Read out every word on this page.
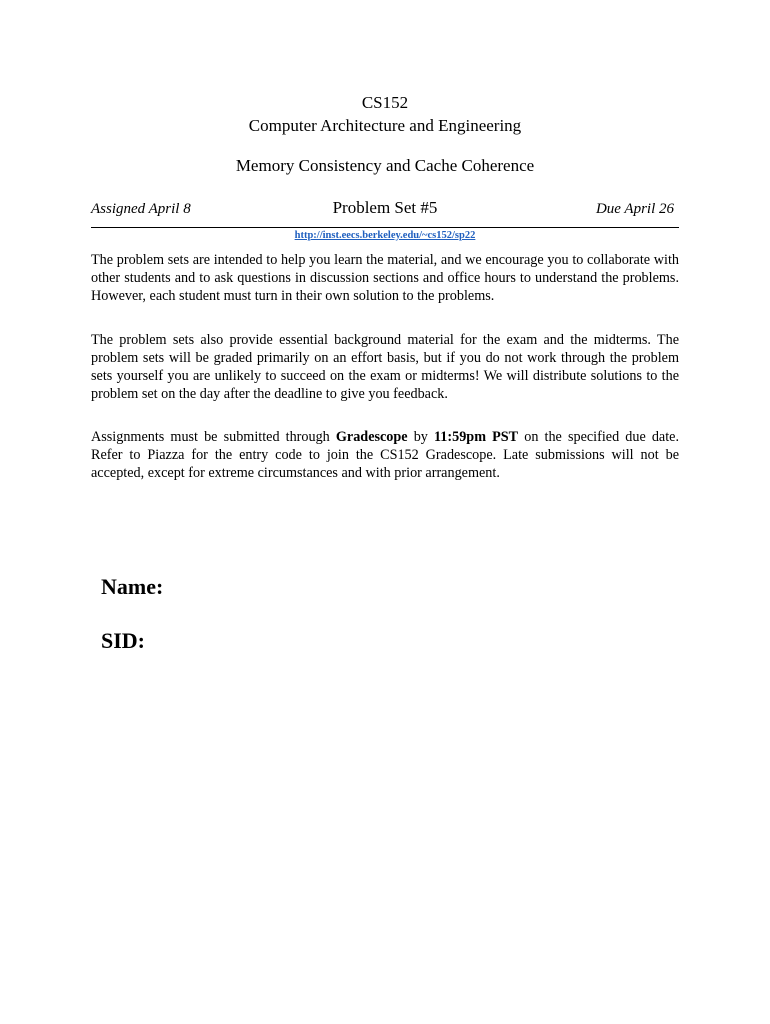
CS152
Computer Architecture and Engineering
Memory Consistency and Cache Coherence
Assigned April 8	Problem Set #5	Due April 26
http://inst.eecs.berkeley.edu/~cs152/sp22

The problem sets are intended to help you learn the material, and we encourage you to collaborate with other students and to ask questions in discussion sections and office hours to understand the problems. However, each student must turn in their own solution to the problems.

The problem sets also provide essential background material for the exam and the midterms. The problem sets will be graded primarily on an effort basis, but if you do not work through the problem sets yourself you are unlikely to succeed on the exam or midterms! We will distribute solutions to the problem set on the day after the deadline to give you feedback.

Assignments must be submitted through Gradescope by 11:59pm PST on the specified due date. Refer to Piazza for the entry code to join the CS152 Gradescope. Late submissions will not be accepted, except for extreme circumstances and with prior arrangement.

Name:
SID:
